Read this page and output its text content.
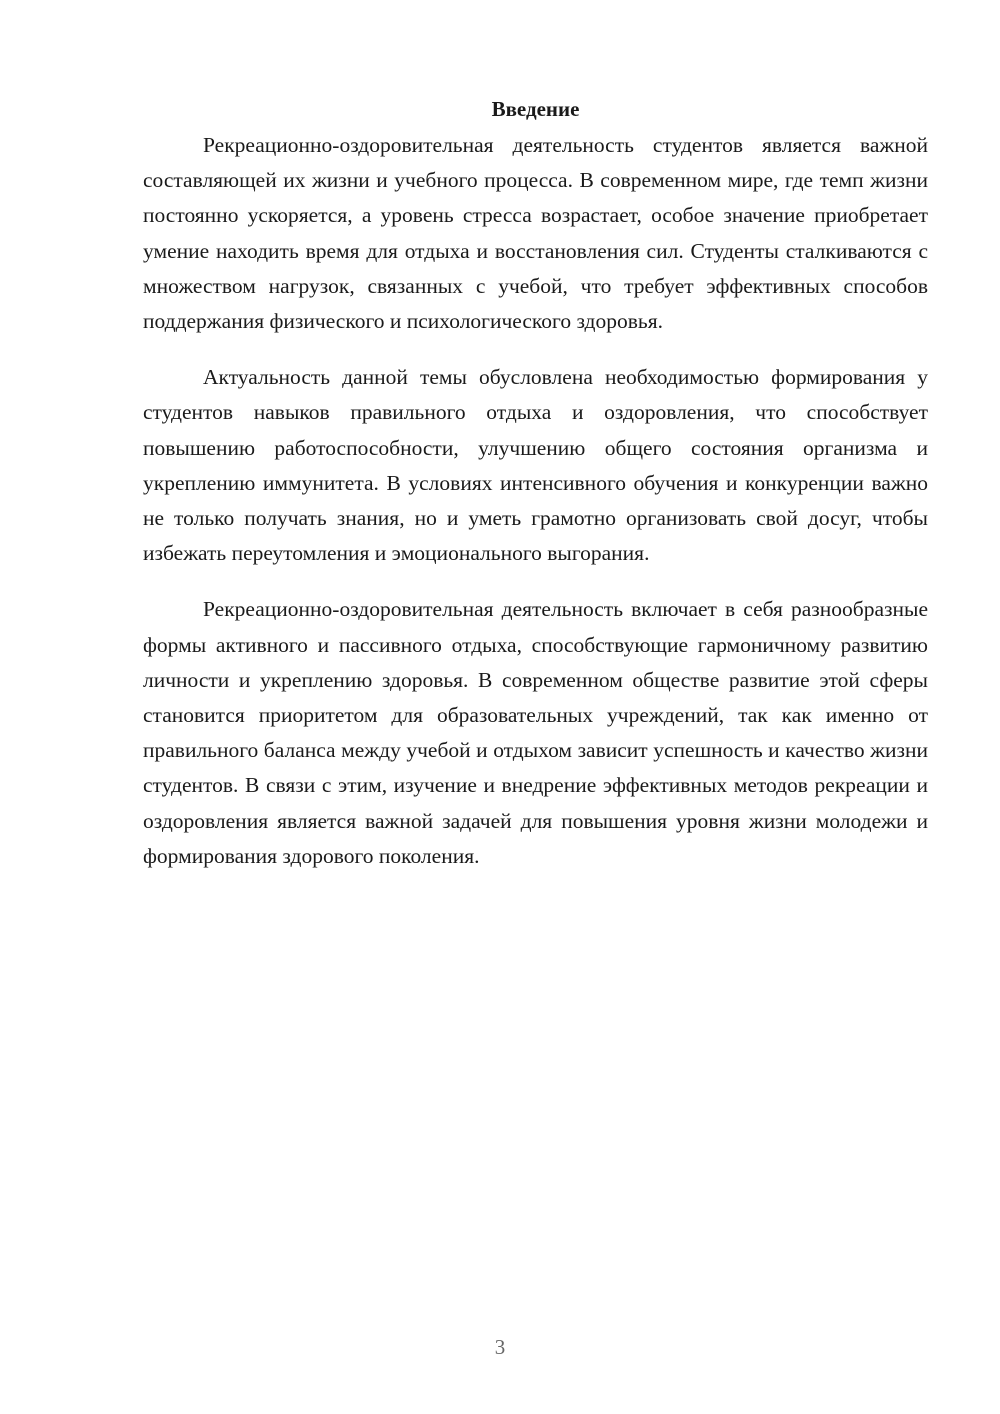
Введение

Рекреационно-оздоровительная деятельность студентов является важной составляющей их жизни и учебного процесса. В современном мире, где темп жизни постоянно ускоряется, а уровень стресса возрастает, особое значение приобретает умение находить время для отдыха и восстановления сил. Студенты сталкиваются с множеством нагрузок, связанных с учебой, что требует эффективных способов поддержания физического и психологического здоровья.

Актуальность данной темы обусловлена необходимостью формирования у студентов навыков правильного отдыха и оздоровления, что способствует повышению работоспособности, улучшению общего состояния организма и укреплению иммунитета. В условиях интенсивного обучения и конкуренции важно не только получать знания, но и уметь грамотно организовать свой досуг, чтобы избежать переутомления и эмоционального выгорания.

Рекреационно-оздоровительная деятельность включает в себя разнообразные формы активного и пассивного отдыха, способствующие гармоничному развитию личности и укреплению здоровья. В современном обществе развитие этой сферы становится приоритетом для образовательных учреждений, так как именно от правильного баланса между учебой и отдыхом зависит успешность и качество жизни студентов. В связи с этим, изучение и внедрение эффективных методов рекреации и оздоровления является важной задачей для повышения уровня жизни молодежи и формирования здорового поколения.

3
